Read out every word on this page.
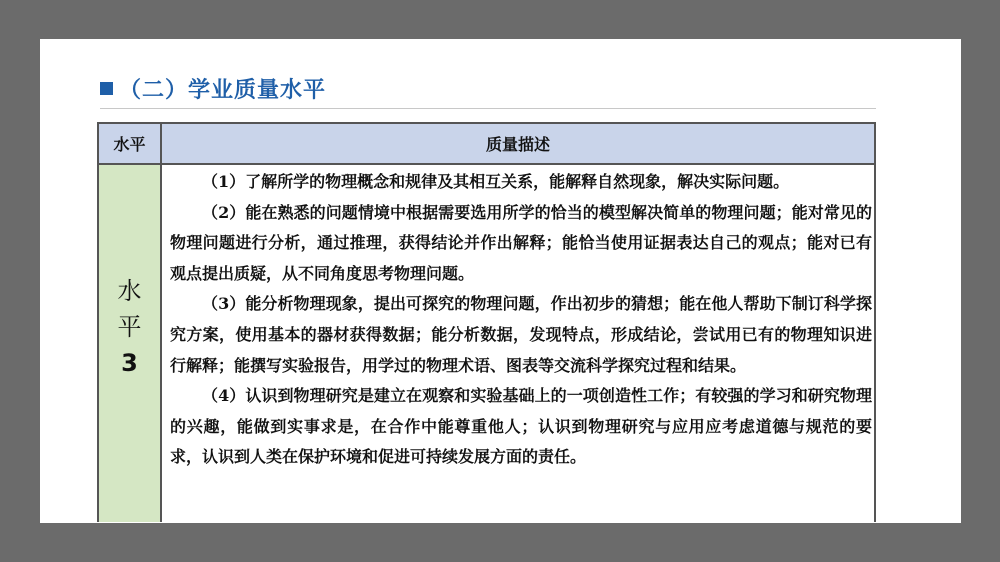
（二）学业质量水平
水平	质量描述
水
平
3

（1）了解所学的物理概念和规律及其相互关系，能解释自然现象，解决实际问题。

（2）能在熟悉的问题情境中根据需要选用所学的恰当的模型解决简单的物理问题；能对常见的物理问题进行分析，通过推理，获得结论并作出解释；能恰当使用证据表达自己的观点；能对已有观点提出质疑，从不同角度思考物理问题。

（3）能分析物理现象，提出可探究的物理问题，作出初步的猜想；能在他人帮助下制订科学探究方案，使用基本的器材获得数据；能分析数据，发现特点，形成结论，尝试用已有的物理知识进行解释；能撰写实验报告，用学过的物理术语、图表等交流科学探究过程和结果。

（4）认识到物理研究是建立在观察和实验基础上的一项创造性工作；有较强的学习和研究物理的兴趣，能做到实事求是，在合作中能尊重他人；认识到物理研究与应用应考虑道德与规范的要求，认识到人类在保护环境和促进可持续发展方面的责任。
